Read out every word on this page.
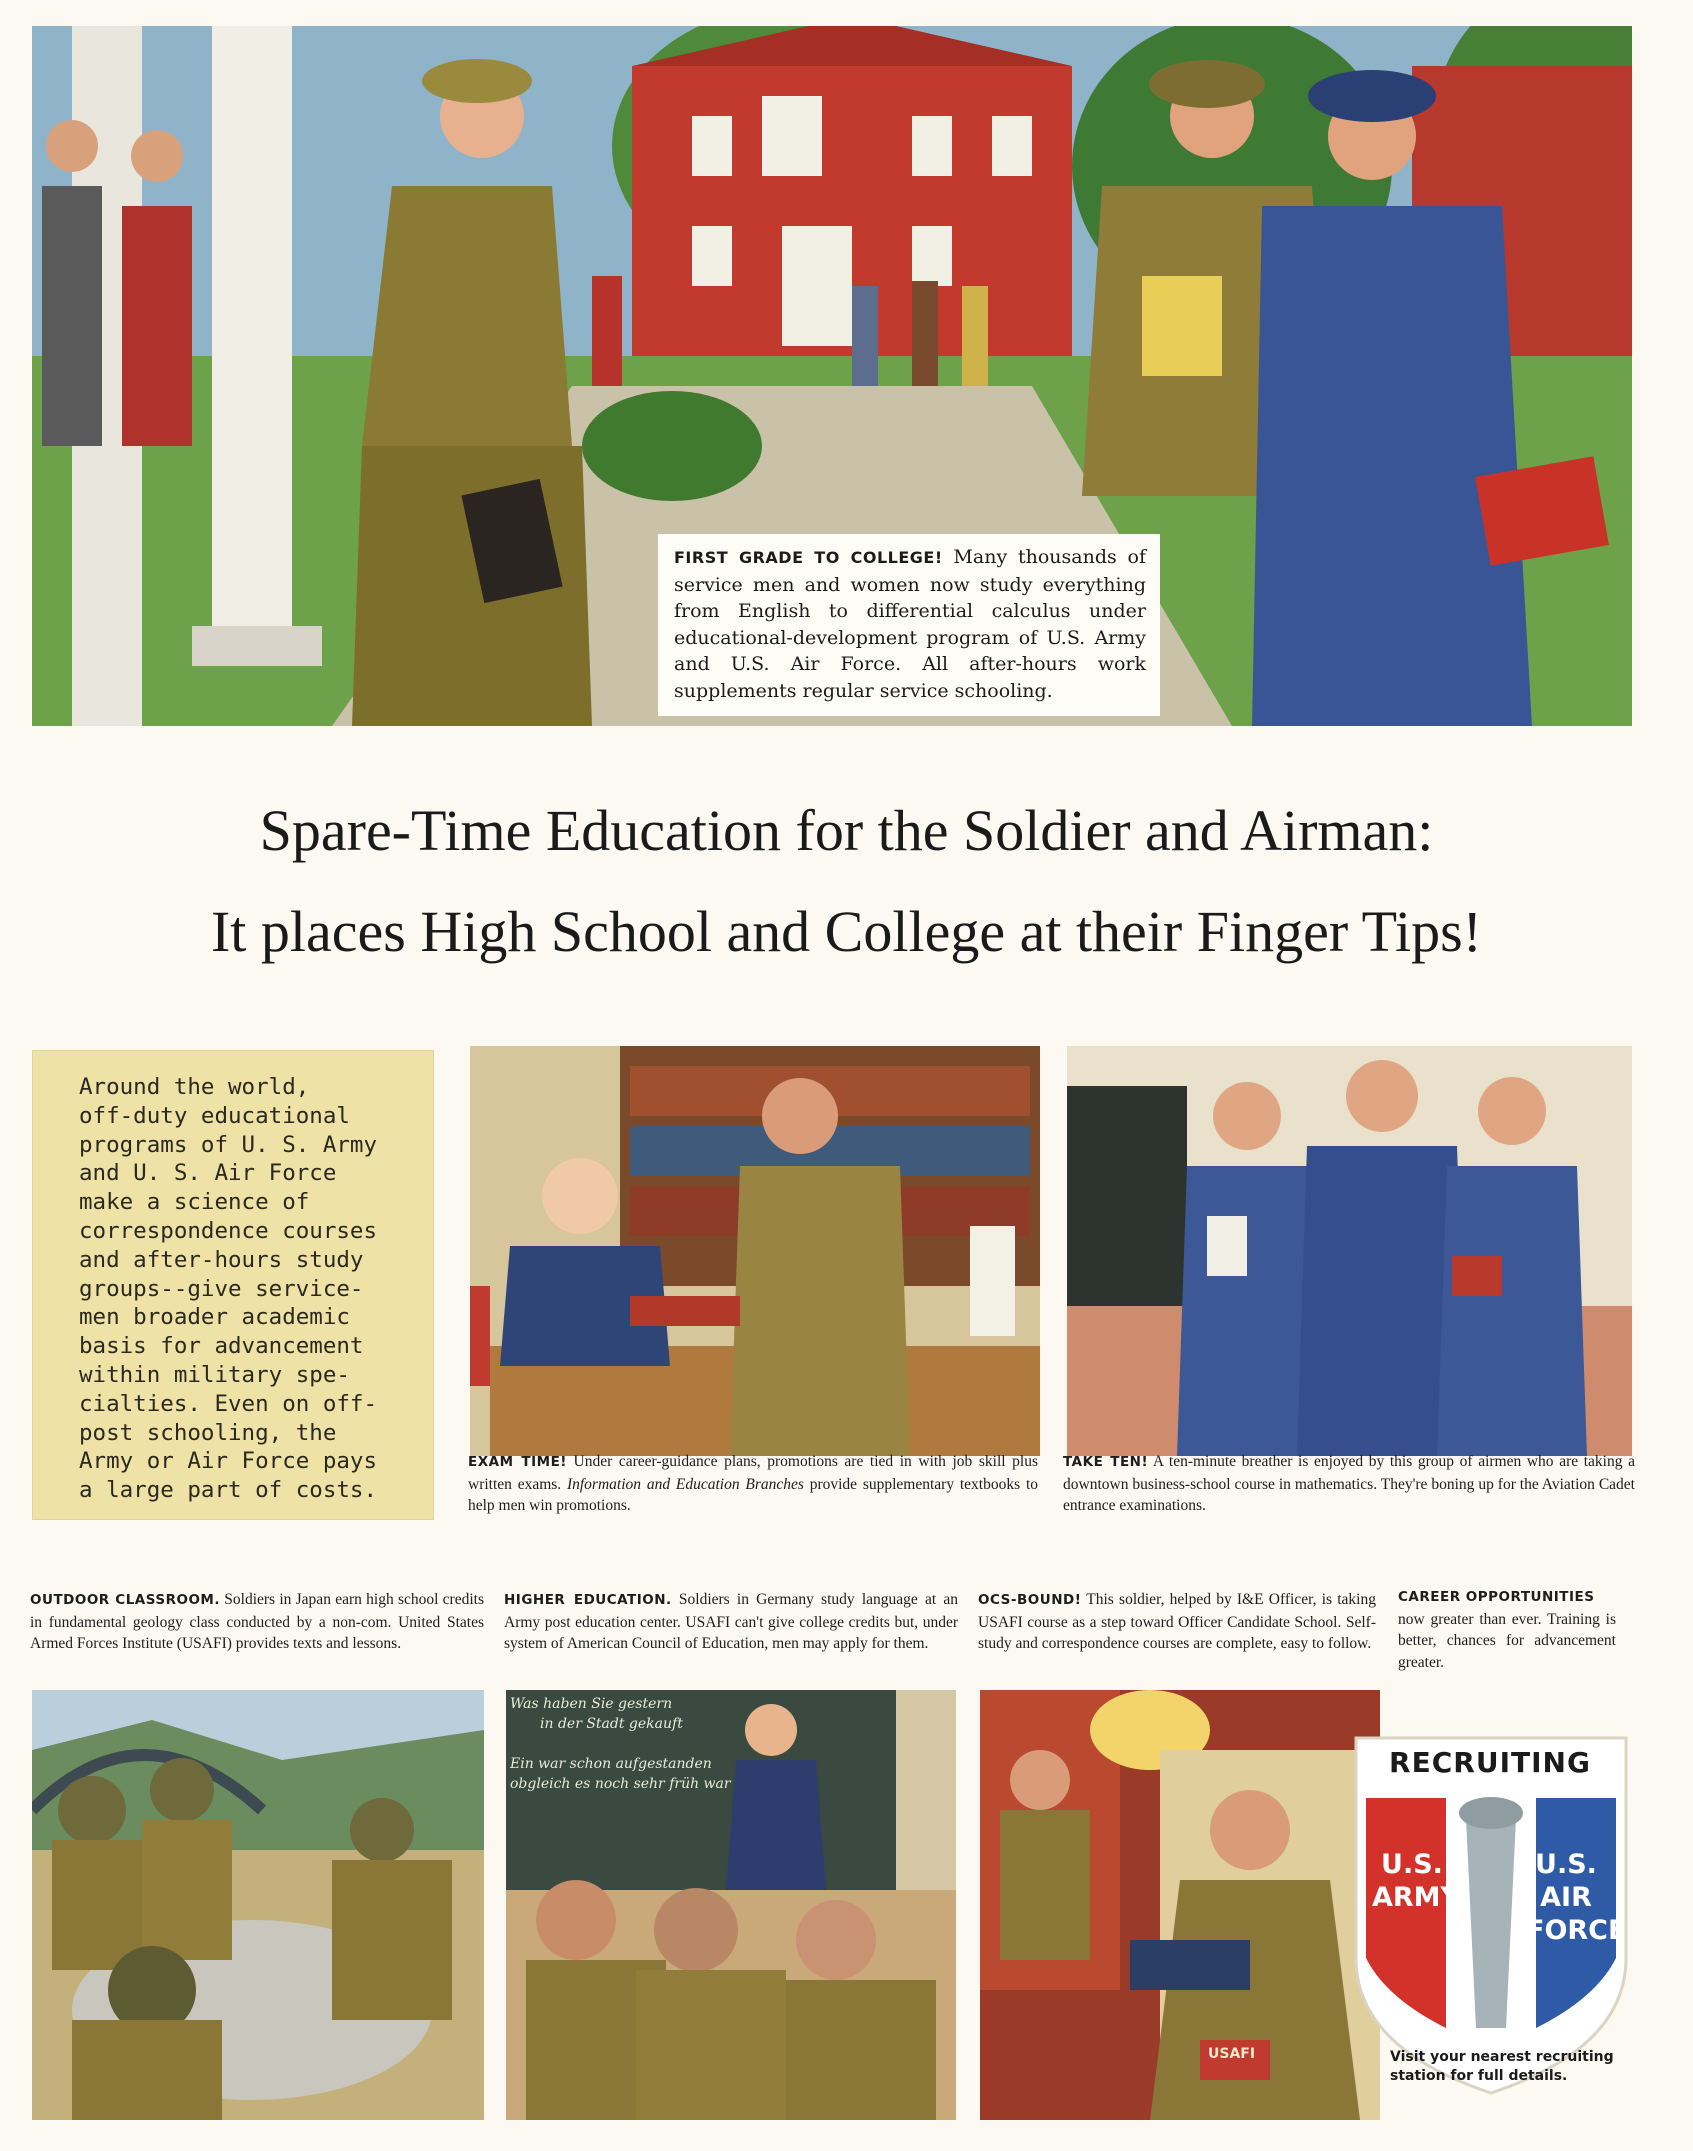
FIRST GRADE TO COLLEGE! Many thousands of service men and women now study everything from English to differential calculus under educational-development program of U.S. Army and U.S. Air Force. All after-hours work supplements regular service schooling.
Spare-Time Education for the Soldier and Airman:
It places High School and College at their Finger Tips!
Around the world,
off-duty educational
programs of U. S. Army
and U. S. Air Force
make a science of
correspondence courses
and after-hours study
groups--give service-
men broader academic
basis for advancement
within military spe-
cialties. Even on off-
post schooling, the
Army or Air Force pays
a large part of costs.
EXAM TIME! Under career-guidance plans, promotions are tied in with job skill plus written exams. Information and Education Branches provide supplementary textbooks to help men win promotions.
TAKE TEN! A ten-minute breather is enjoyed by this group of airmen who are taking a downtown business-school course in mathematics. They're boning up for the Aviation Cadet entrance examinations.
OUTDOOR CLASSROOM. Soldiers in Japan earn high school credits in fundamental geology class conducted by a non-com. United States Armed Forces Institute (USAFI) provides texts and lessons.
HIGHER EDUCATION. Soldiers in Germany study language at an Army post education center. USAFI can't give college credits but, under system of American Council of Education, men may apply for them.
OCS-BOUND! This soldier, helped by I&E Officer, is taking USAFI course as a step toward Officer Candidate School. Self-study and correspondence courses are complete, easy to follow.
CAREER OPPORTUNITIES
now greater than ever. Training is better, chances for advancement greater.
Was haben Sie gestern
in der Stadt gekauft
Ein war schon aufgestanden
obgleich es noch sehr früh war
USAFI
RECRUITING
U.S.
ARMY
U.S.
AIR
FORCE
Visit your nearest recruiting station for full details.
